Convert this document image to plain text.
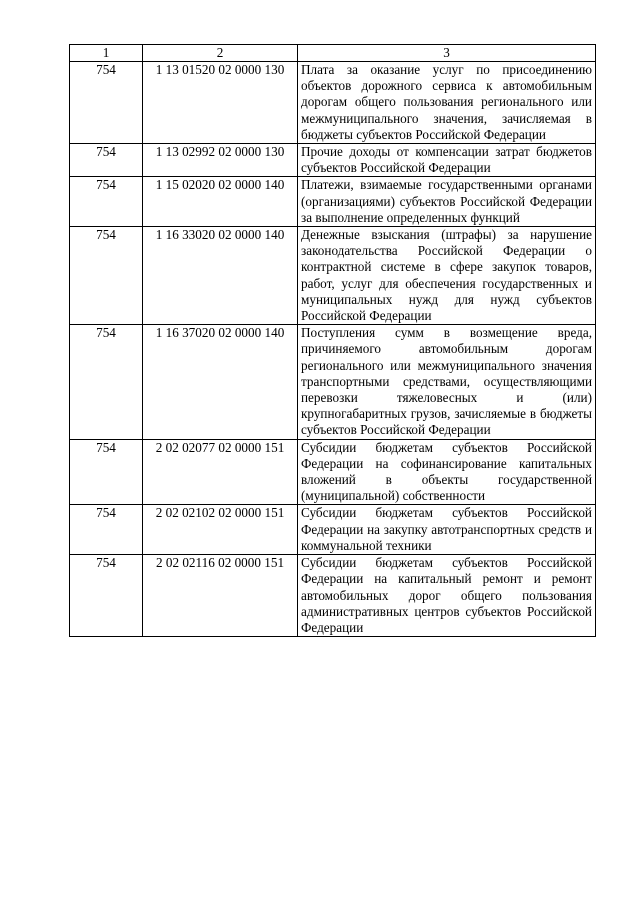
1	2	3
754	1 13 01520 02 0000 130	Плата за оказание услуг по присоединению объектов дорожного сервиса к автомобильным дорогам общего пользования регионального или межмуниципального значения, зачисляемая в бюджеты субъектов Российской Федерации
754	1 13 02992 02 0000 130	Прочие доходы от компенсации затрат бюджетов субъектов Российской Федерации
754	1 15 02020 02 0000 140	Платежи, взимаемые государственными органами (организациями) субъектов Российской Федерации за выполнение определенных функций
754	1 16 33020 02 0000 140	Денежные взыскания (штрафы) за нарушение законодательства Российской Федерации о контрактной системе в сфере закупок товаров, работ, услуг для обеспечения государственных и муниципальных нужд для нужд субъектов Российской Федерации
754	1 16 37020 02 0000 140	Поступления сумм в возмещение вреда, причиняемого автомобильным дорогам регионального или межмуниципального значения транспортными средствами, осуществляющими перевозки тяжеловесных и (или) крупногабаритных грузов, зачисляемые в бюджеты субъектов Российской Федерации
754	2 02 02077 02 0000 151	Субсидии бюджетам субъектов Российской Федерации на софинансирование капитальных вложений в объекты государственной (муниципальной) собственности
754	2 02 02102 02 0000 151	Субсидии бюджетам субъектов Российской Федерации на закупку автотранспортных средств и коммунальной техники
754	2 02 02116 02 0000 151	Субсидии бюджетам субъектов Российской Федерации на капитальный ремонт и ремонт автомобильных дорог общего пользования административных центров субъектов Российской Федерации
